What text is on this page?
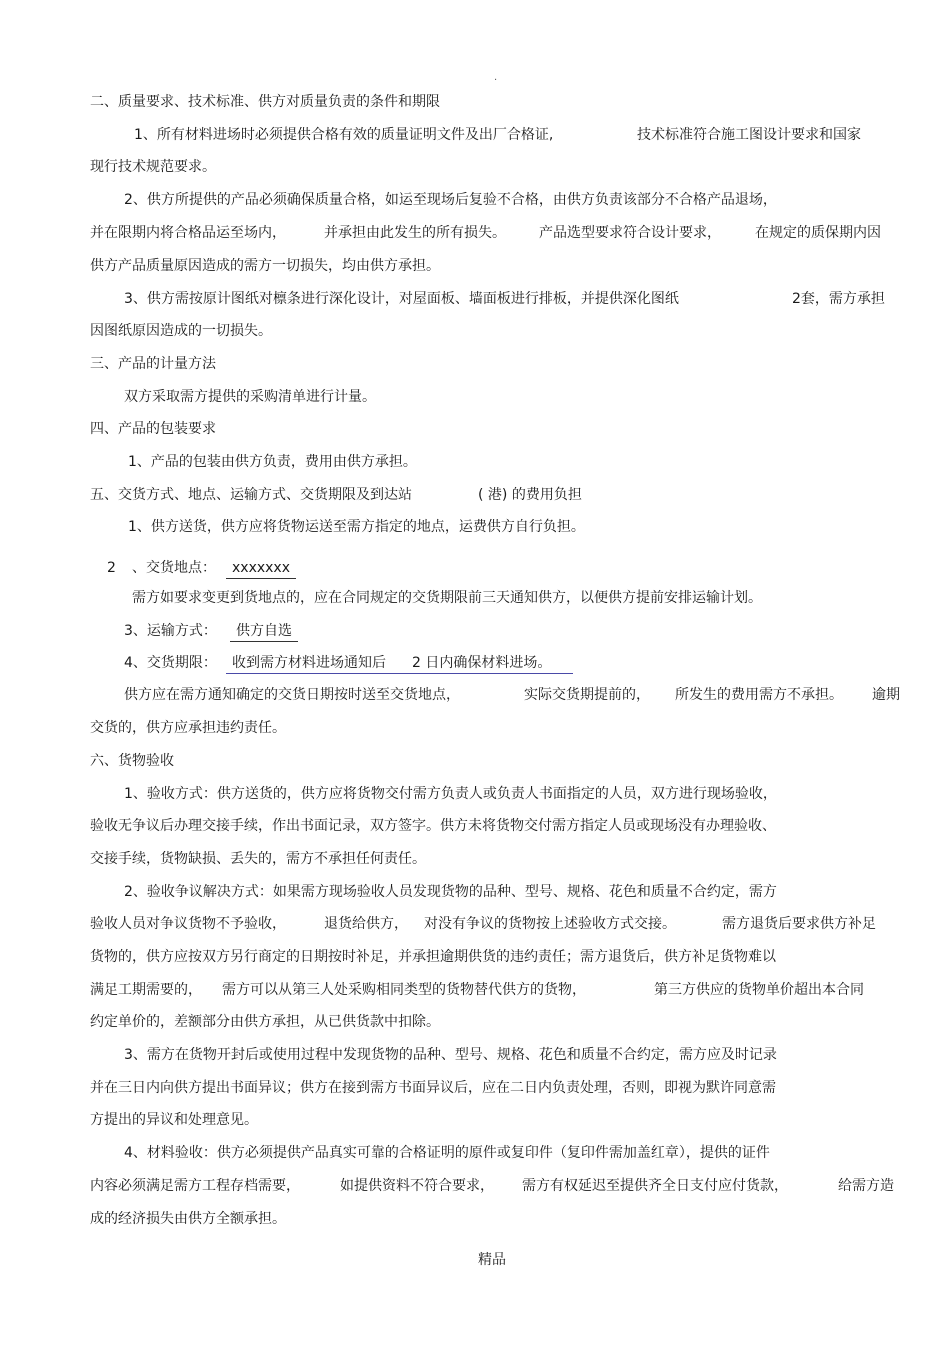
.
二、质量要求、技术标准、供方对质量负责的条件和期限
1、所有材料进场时必须提供合格有效的质量证明文件及出厂合格证,	技术标准符合施工图设计要求和国家
现行技术规范要求。
2、供方所提供的产品必须确保质量合格，如运至现场后复验不合格，由供方负责该部分不合格产品退场，
并在限期内将合格品运至场内，	并承担由此发生的所有损失。 产品选型要求符合设计要求， 在规定的质保期内因
供方产品质量原因造成的需方一切损失，均由供方承担。
3、供方需按原计图纸对檩条进行深化设计，对屋面板、墙面板进行排板，并提供深化图纸	2套，需方承担
因图纸原因造成的一切损失。
三、产品的计量方法
双方采取需方提供的采购清单进行计量。
四、产品的包装要求
1、产品的包装由供方负责，费用由供方承担。
五、交货方式、地点、运输方式、交货期限及到达站	( 港) 的费用负担
1、供方送货，供方应将货物运送至需方指定的地点，运费供方自行负担。
2 、交货地点：	xxxxxxx
需方如要求变更到货地点的，应在合同规定的交货期限前三天通知供方，以便供方提前安排运输计划。
3、运输方式：	供方自选
4、交货期限：	收到需方材料进场通知后 2 日内确保材料进场。
供方应在需方通知确定的交货日期按时送至交货地点，	实际交货期提前的， 所发生的费用需方不承担。 逾期
交货的，供方应承担违约责任。
六、货物验收
1、验收方式：供方送货的，供方应将货物交付需方负责人或负责人书面指定的人员，双方进行现场验收，
验收无争议后办理交接手续，作出书面记录，双方签字。供方未将货物交付需方指定人员或现场没有办理验收、
交接手续，货物缺损、丢失的，需方不承担任何责任。
2、验收争议解决方式：如果需方现场验收人员发现货物的品种、型号、规格、花色和质量不合约定，需方
验收人员对争议货物不予验收，	退货给供方， 对没有争议的货物按上述验收方式交接。	需方退货后要求供方补足
货物的，供方应按双方另行商定的日期按时补足，并承担逾期供货的违约责任；需方退货后，供方补足货物难以
满足工期需要的， 需方可以从第三人处采购相同类型的货物替代供方的货物，	第三方供应的货物单价超出本合同
约定单价的，差额部分由供方承担，从已供货款中扣除。
3、需方在货物开封后或使用过程中发现货物的品种、型号、规格、花色和质量不合约定，需方应及时记录
并在三日内向供方提出书面异议；供方在接到需方书面异议后，应在二日内负责处理，否则，即视为默许同意需
方提出的异议和处理意见。
4、材料验收：供方必须提供产品真实可靠的合格证明的原件或复印件（复印件需加盖红章），提供的证件
内容必须满足需方工程存档需要，	如提供资料不符合要求， 需方有权延迟至提供齐全日支付应付货款，	给需方造
成的经济损失由供方全额承担。
精品
